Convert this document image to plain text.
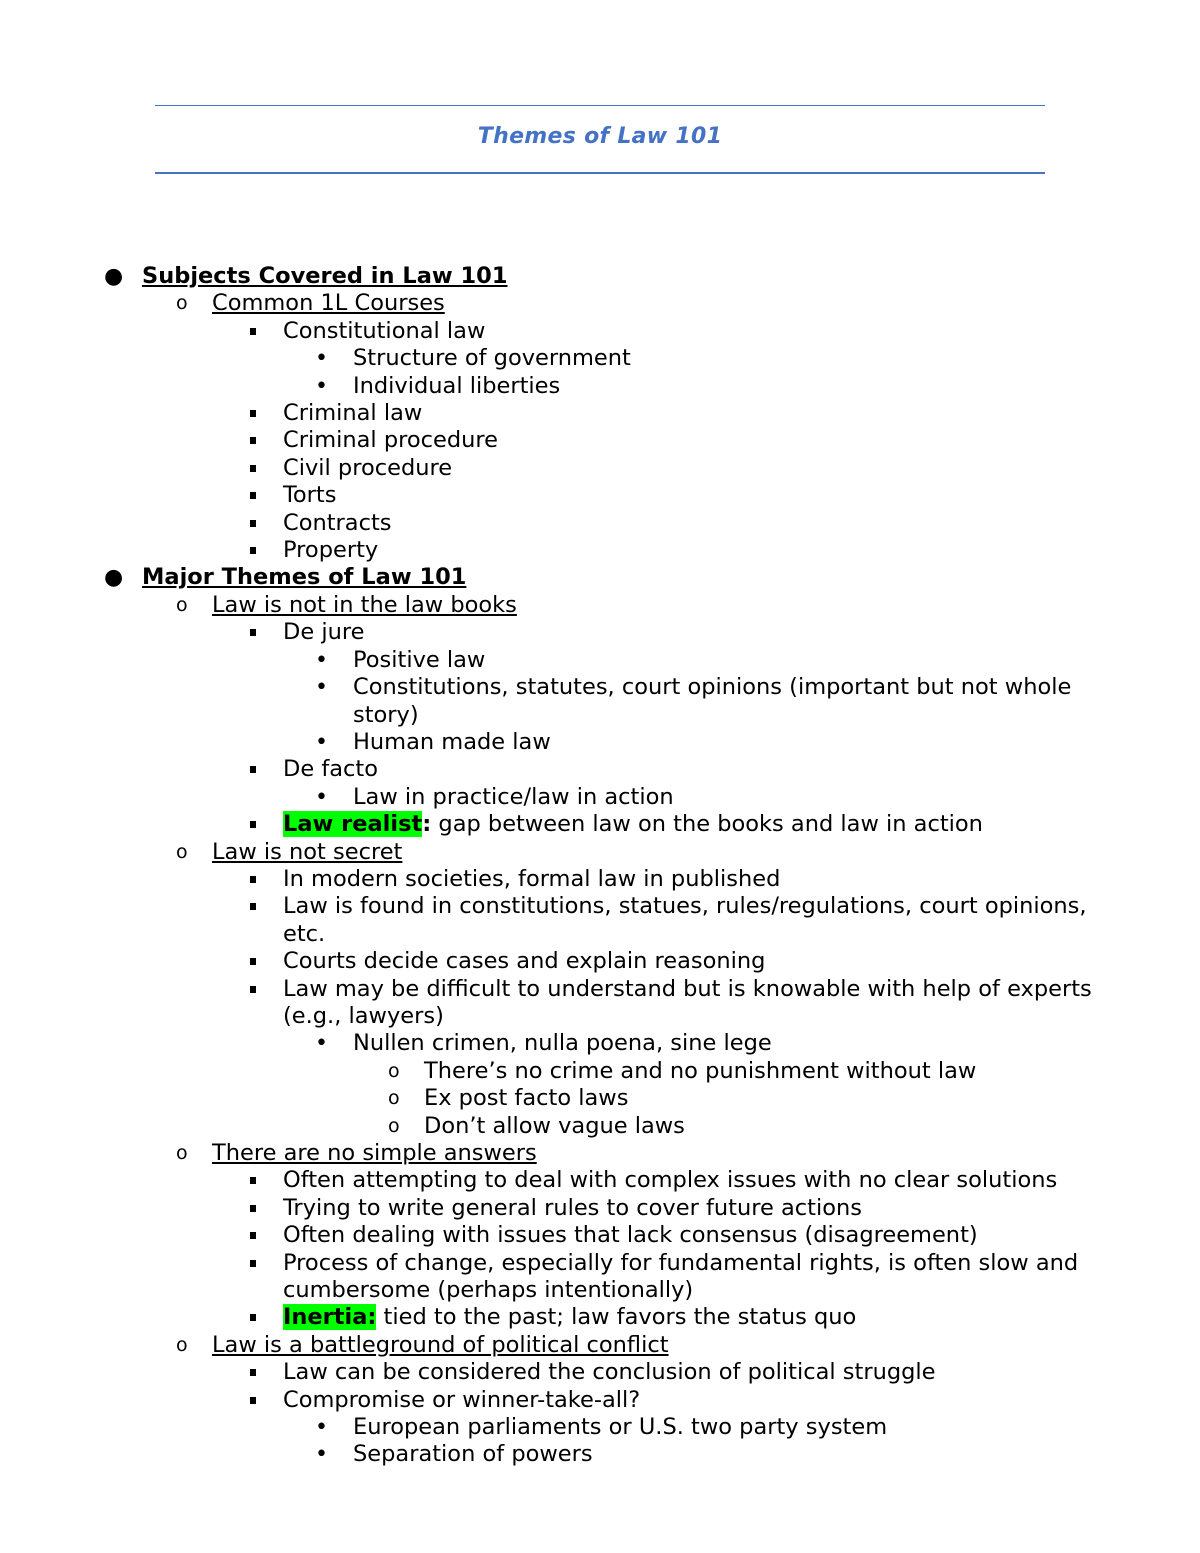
Themes of Law 101
● Subjects Covered in Law 101
o Common 1L Courses
Constitutional law
• Structure of government
• Individual liberties
Criminal law
Criminal procedure
Civil procedure
Torts
Contracts
Property
● Major Themes of Law 101
o Law is not in the law books
De jure
• Positive law
• Constitutions, statutes, court opinions (important but not whole
story)
• Human made law
De facto
• Law in practice/law in action
Law realist: gap between law on the books and law in action
o Law is not secret
In modern societies, formal law in published
Law is found in constitutions, statues, rules/regulations, court opinions,
etc.
Courts decide cases and explain reasoning
Law may be difficult to understand but is knowable with help of experts
(e.g., lawyers)
• Nullen crimen, nulla poena, sine lege
o There’s no crime and no punishment without law
o Ex post facto laws
o Don’t allow vague laws
o There are no simple answers
Often attempting to deal with complex issues with no clear solutions
Trying to write general rules to cover future actions
Often dealing with issues that lack consensus (disagreement)
Process of change, especially for fundamental rights, is often slow and
cumbersome (perhaps intentionally)
Inertia: tied to the past; law favors the status quo
o Law is a battleground of political conflict
Law can be considered the conclusion of political struggle
Compromise or winner-take-all?
• European parliaments or U.S. two party system
• Separation of powers
